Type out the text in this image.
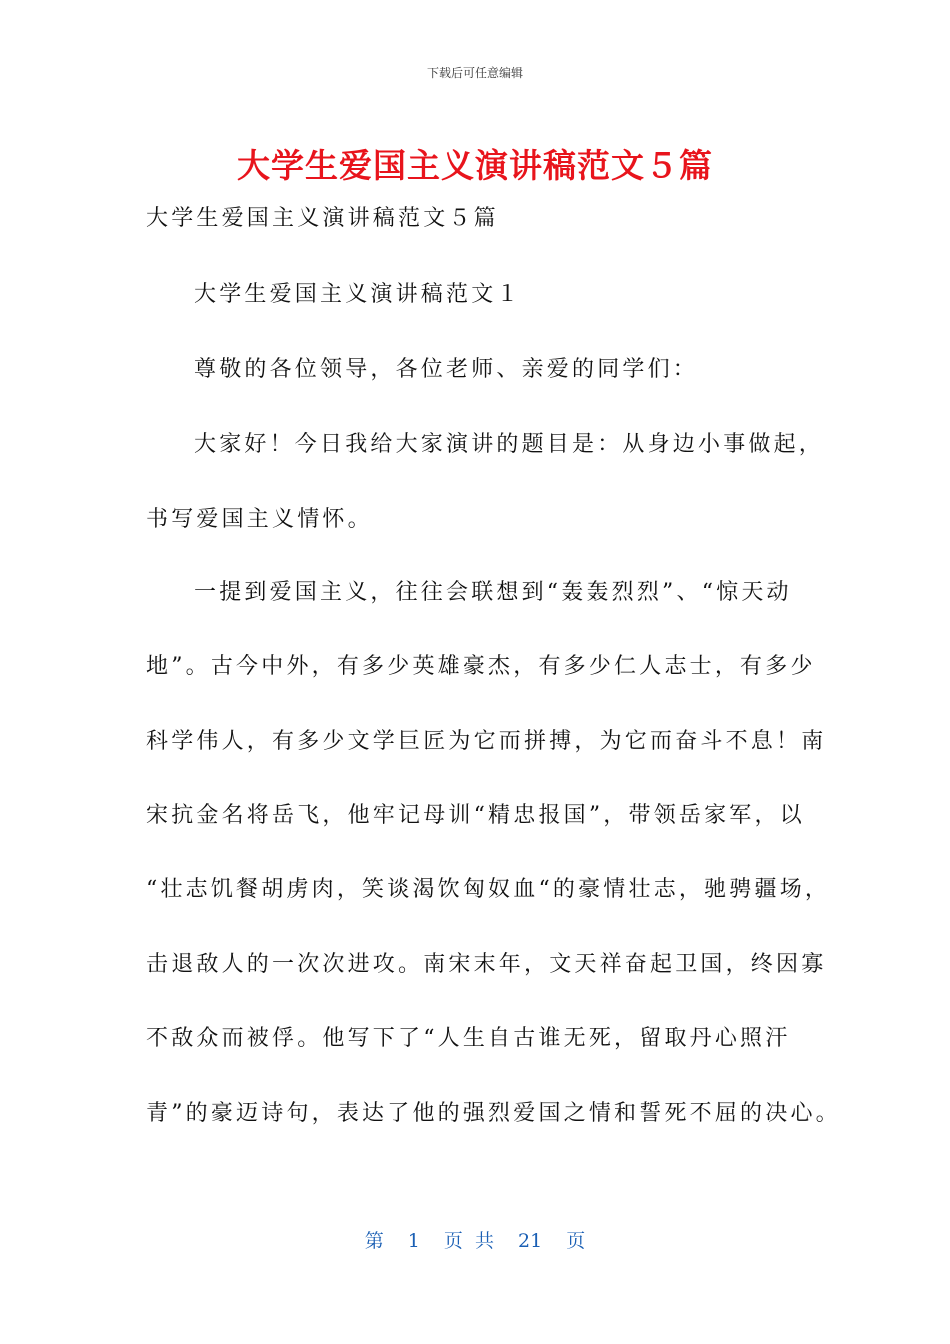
下载后可任意编辑
大学生爱国主义演讲稿范文５篇
大学生爱国主义演讲稿范文５篇
大学生爱国主义演讲稿范文１
尊敬的各位领导，各位老师、亲爱的同学们：
大家好！今日我给大家演讲的题目是：从身边小事做起，
书写爱国主义情怀。
一提到爱国主义，往往会联想到“轰轰烈烈”、“惊天动
地”。古今中外，有多少英雄豪杰，有多少仁人志士，有多少
科学伟人，有多少文学巨匠为它而拼搏，为它而奋斗不息！南
宋抗金名将岳飞，他牢记母训“精忠报国”，带领岳家军，以
“壮志饥餐胡虏肉，笑谈渴饮匈奴血“的豪情壮志，驰骋疆场，
击退敌人的一次次进攻。南宋末年，文天祥奋起卫国，终因寡
不敌众而被俘。他写下了“人生自古谁无死，留取丹心照汗
青”的豪迈诗句，表达了他的强烈爱国之情和誓死不屈的决心。
第 1 页 共 21 页
